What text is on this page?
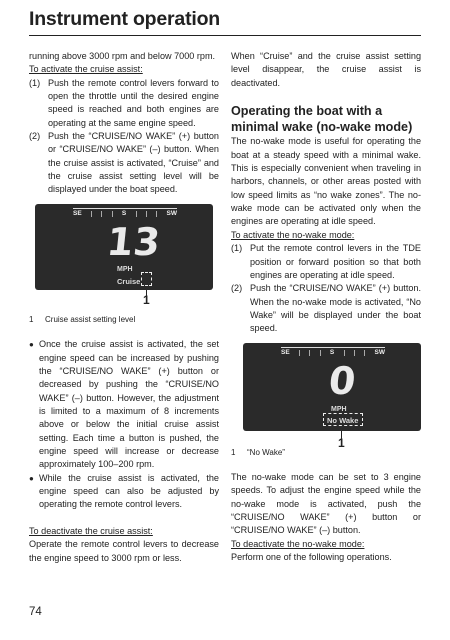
Instrument operation

running above 3000 rpm and below 7000 rpm.

To activate the cruise assist:

(1) Push the remote control levers forward to open the throttle until the desired engine speed is reached and both engines are operating at the same engine speed.
(2) Push the “CRUISE/NO WAKE” (+) button or “CRUISE/NO WAKE” (–) button. When the cruise assist is activated, “Cruise” and the cruise assist setting level will be displayed under the boat speed.
SE	S	SW
13
MPH
Cruise
1

1 Cruise assist setting level

● Once the cruise assist is activated, the set engine speed can be increased by pushing the “CRUISE/NO WAKE” (+) button or decreased by pushing the “CRUISE/NO WAKE” (–) button. However, the adjustment is limited to a maximum of 8 increments above or below the initial cruise assist setting. Each time a button is pushed, the engine speed will increase or decrease approximately 100–200 rpm.
● While the cruise assist is activated, the engine speed can also be adjusted by operating the remote control levers.

To deactivate the cruise assist:

Operate the remote control levers to decrease the engine speed to 3000 rpm or less.

When “Cruise” and the cruise assist setting level disappear, the cruise assist is deactivated.

Operating the boat with a minimal wake (no-wake mode)

The no-wake mode is useful for operating the boat at a steady speed with a minimal wake. This is especially convenient when traveling in harbors, channels, or other areas posted with low speed limits as “no wake zones”. The no-wake mode can be activated only when the engines are operating at idle speed.

To activate the no-wake mode:

(1) Put the remote control levers in the TDE position or forward position so that both engines are operating at idle speed.
(2) Push the “CRUISE/NO WAKE” (+) button. When the no-wake mode is activated, “No Wake” will be displayed under the boat speed.
SE	S	SW
0
MPH
No Wake
1

1 “No Wake”

The no-wake mode can be set to 3 engine speeds. To adjust the engine speed while the no-wake mode is activated, push the “CRUISE/NO WAKE” (+) button or “CRUISE/NO WAKE” (–) button.

To deactivate the no-wake mode:

Perform one of the following operations.

74
